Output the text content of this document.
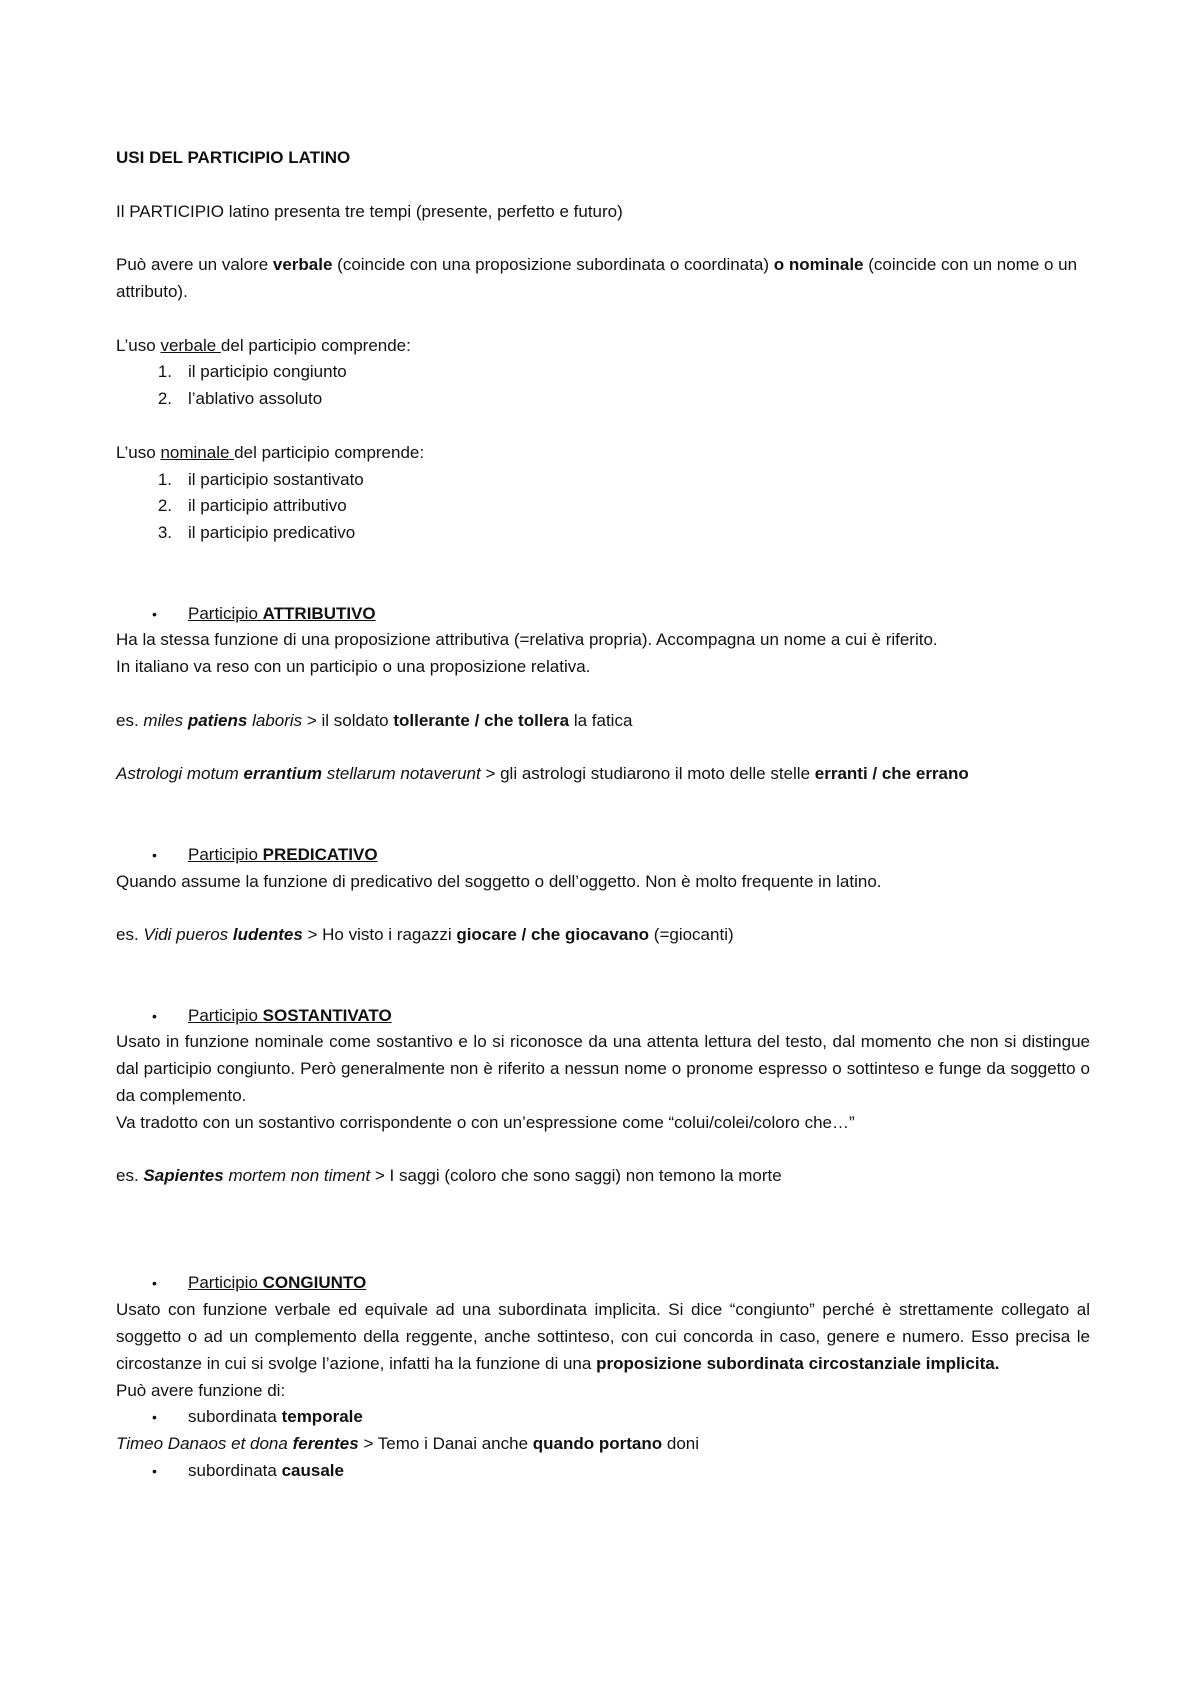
USI DEL PARTICIPIO LATINO

Il PARTICIPIO latino presenta tre tempi (presente, perfetto e futuro)

Può avere un valore verbale (coincide con una proposizione subordinata o coordinata) o nominale (coincide con un nome o un attributo).

L’uso verbale del participio comprende:

1. il participio congiunto
2. l’ablativo assoluto

L’uso nominale del participio comprende:

1. il participio sostantivato
2. il participio attributivo
3. il participio predicativo
• Participio ATTRIBUTIVO

Ha la stessa funzione di una proposizione attributiva (=relativa propria). Accompagna un nome a cui è riferito.

In italiano va reso con un participio o una proposizione relativa.

es. miles patiens laboris > il soldato tollerante / che tollera la fatica

Astrologi motum errantium stellarum notaverunt > gli astrologi studiarono il moto delle stelle erranti / che errano

• Participio PREDICATIVO

Quando assume la funzione di predicativo del soggetto o dell’oggetto. Non è molto frequente in latino.

es. Vidi pueros ludentes > Ho visto i ragazzi giocare / che giocavano (=giocanti)

• Participio SOSTANTIVATO

Usato in funzione nominale come sostantivo e lo si riconosce da una attenta lettura del testo, dal momento che non si distingue dal participio congiunto. Però generalmente non è riferito a nessun nome o pronome espresso o sottinteso e funge da soggetto o da complemento.

Va tradotto con un sostantivo corrispondente o con un’espressione come “colui/colei/coloro che…”

es. Sapientes mortem non timent > I saggi (coloro che sono saggi) non temono la morte

• Participio CONGIUNTO

Usato con funzione verbale ed equivale ad una subordinata implicita. Si dice “congiunto” perché è strettamente collegato al soggetto o ad un complemento della reggente, anche sottinteso, con cui concorda in caso, genere e numero. Esso precisa le circostanze in cui si svolge l’azione, infatti ha la funzione di una proposizione subordinata circostanziale implicita.

Può avere funzione di:

• subordinata temporale

Timeo Danaos et dona ferentes > Temo i Danai anche quando portano doni

• subordinata causale
